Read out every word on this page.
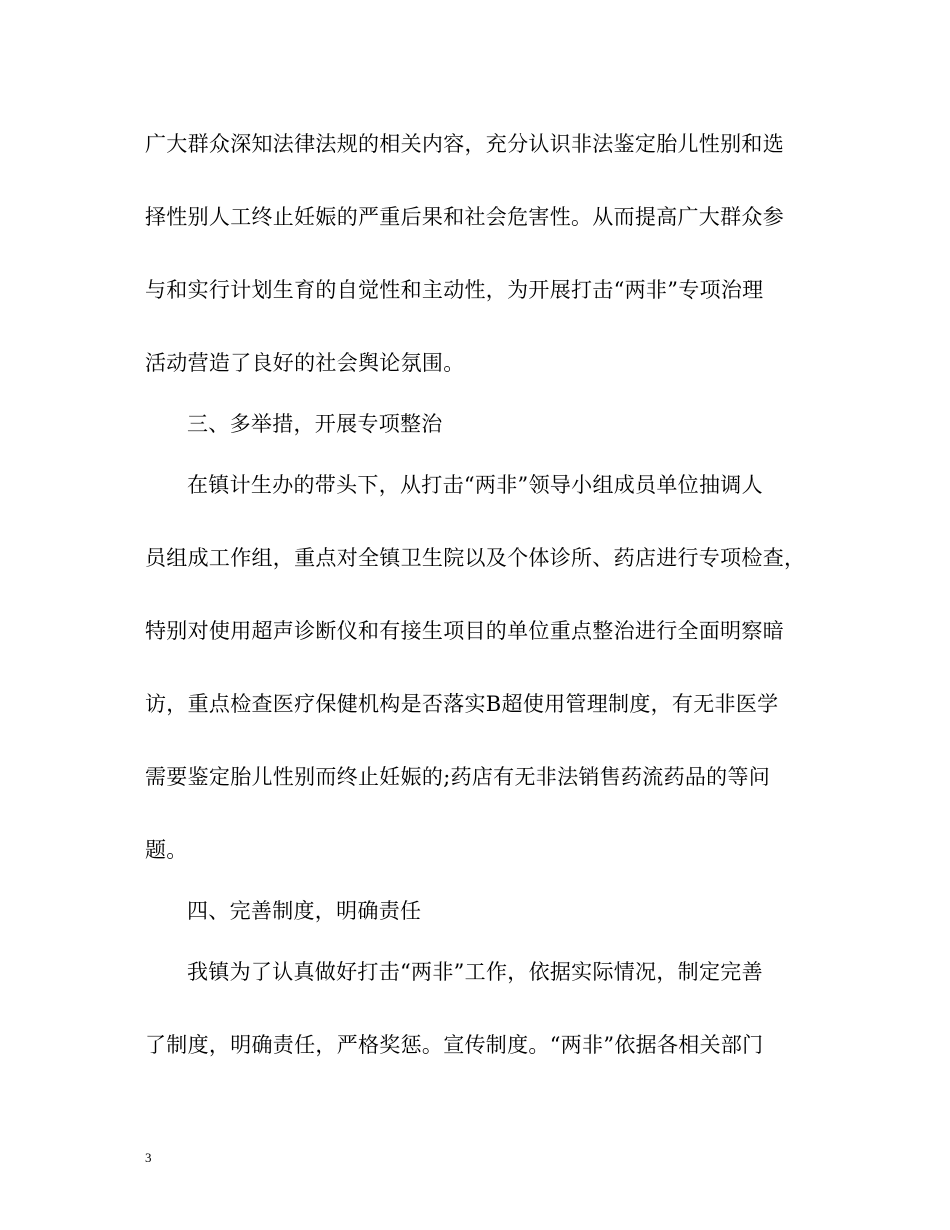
广大群众深知法律法规的相关内容，充分认识非法鉴定胎儿性别和选
择性别人工终止妊娠的严重后果和社会危害性。从而提高广大群众参
与和实行计划生育的自觉性和主动性，为开展打击“两非”专项治理
活动营造了良好的社会舆论氛围。
三、多举措，开展专项整治
在镇计生办的带头下，从打击“两非”领导小组成员单位抽调人
员组成工作组，重点对全镇卫生院以及个体诊所、药店进行专项检查，
特别对使用超声诊断仪和有接生项目的单位重点整治进行全面明察暗
访，重点检查医疗保健机构是否落实B超使用管理制度，有无非医学
需要鉴定胎儿性别而终止妊娠的;药店有无非法销售药流药品的等问
题。
四、完善制度，明确责任
我镇为了认真做好打击“两非”工作，依据实际情况，制定完善
了制度，明确责任，严格奖惩。宣传制度。“两非”依据各相关部门
3
